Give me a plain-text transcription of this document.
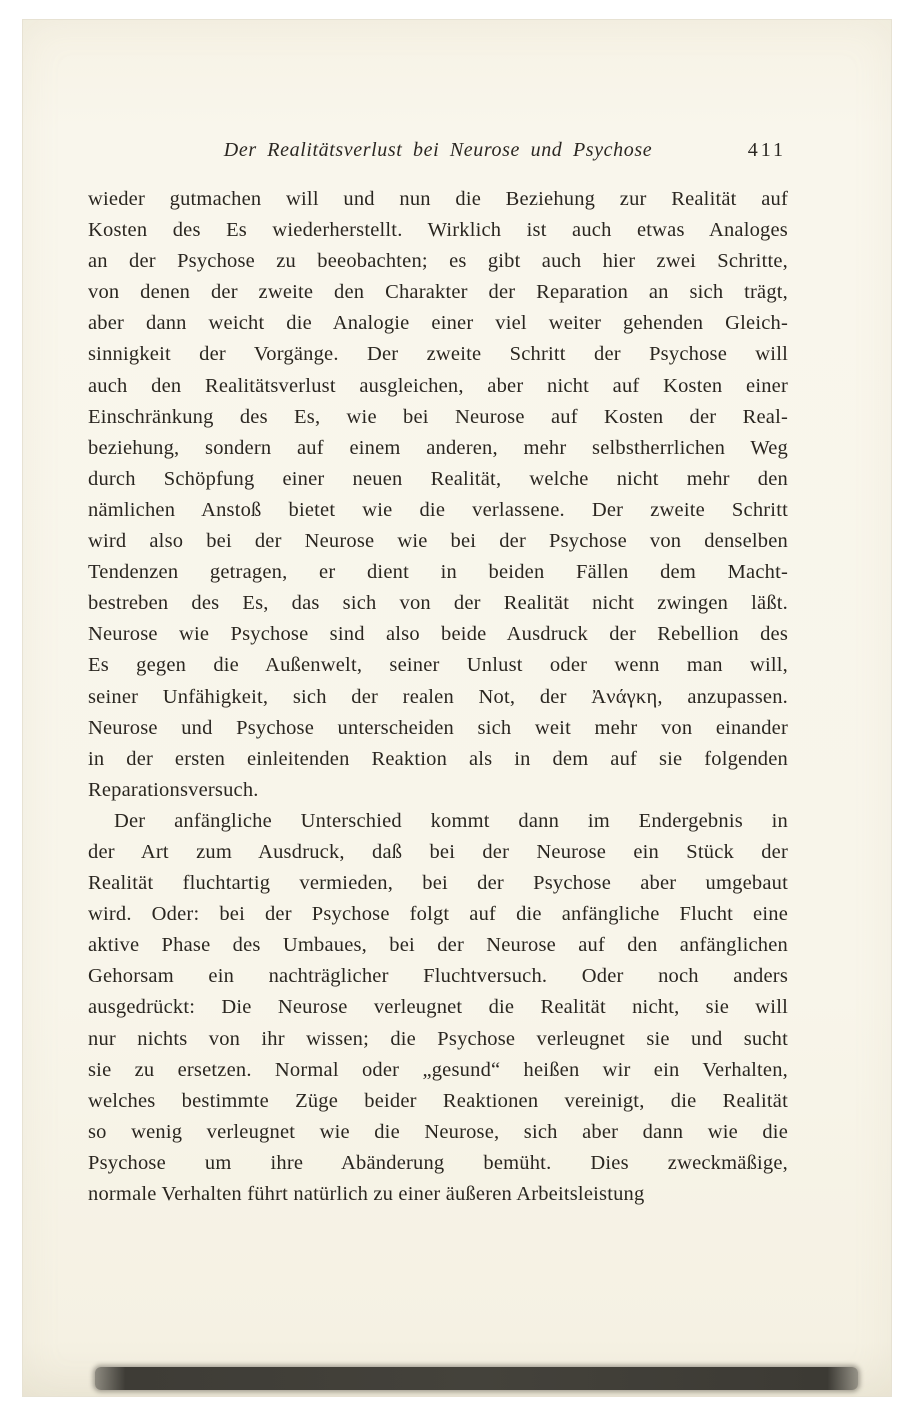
Der Realitätsverlust bei Neurose und Psychose	411
wieder gutmachen will und nun die Beziehung zur Realität auf
Kosten des Es wiederherstellt. Wirklich ist auch etwas Analoges
an der Psychose zu beeobachten; es gibt auch hier zwei Schritte,
von denen der zweite den Charakter der Reparation an sich trägt,
aber dann weicht die Analogie einer viel weiter gehenden Gleich-
sinnigkeit der Vorgänge. Der zweite Schritt der Psychose will
auch den Realitätsverlust ausgleichen, aber nicht auf Kosten einer
Einschränkung des Es, wie bei Neurose auf Kosten der Real-
beziehung, sondern auf einem anderen, mehr selbstherrlichen Weg
durch Schöpfung einer neuen Realität, welche nicht mehr den
nämlichen Anstoß bietet wie die verlassene. Der zweite Schritt
wird also bei der Neurose wie bei der Psychose von denselben
Tendenzen getragen, er dient in beiden Fällen dem Macht-
bestreben des Es, das sich von der Realität nicht zwingen läßt.
Neurose wie Psychose sind also beide Ausdruck der Rebellion des
Es gegen die Außenwelt, seiner Unlust oder wenn man will,
seiner Unfähigkeit, sich der realen Not, der Ἀνάγκη, anzupassen.
Neurose und Psychose unterscheiden sich weit mehr von einander
in der ersten einleitenden Reaktion als in dem auf sie folgenden
Reparationsversuch.
Der anfängliche Unterschied kommt dann im Endergebnis in
der Art zum Ausdruck, daß bei der Neurose ein Stück der
Realität fluchtartig vermieden, bei der Psychose aber umgebaut
wird. Oder: bei der Psychose folgt auf die anfängliche Flucht eine
aktive Phase des Umbaues, bei der Neurose auf den anfänglichen
Gehorsam ein nachträglicher Fluchtversuch. Oder noch anders
ausgedrückt: Die Neurose verleugnet die Realität nicht, sie will
nur nichts von ihr wissen; die Psychose verleugnet sie und sucht
sie zu ersetzen. Normal oder „gesund“ heißen wir ein Verhalten,
welches bestimmte Züge beider Reaktionen vereinigt, die Realität
so wenig verleugnet wie die Neurose, sich aber dann wie die
Psychose um ihre Abänderung bemüht. Dies zweckmäßige,
normale Verhalten führt natürlich zu einer äußeren Arbeitsleistung
